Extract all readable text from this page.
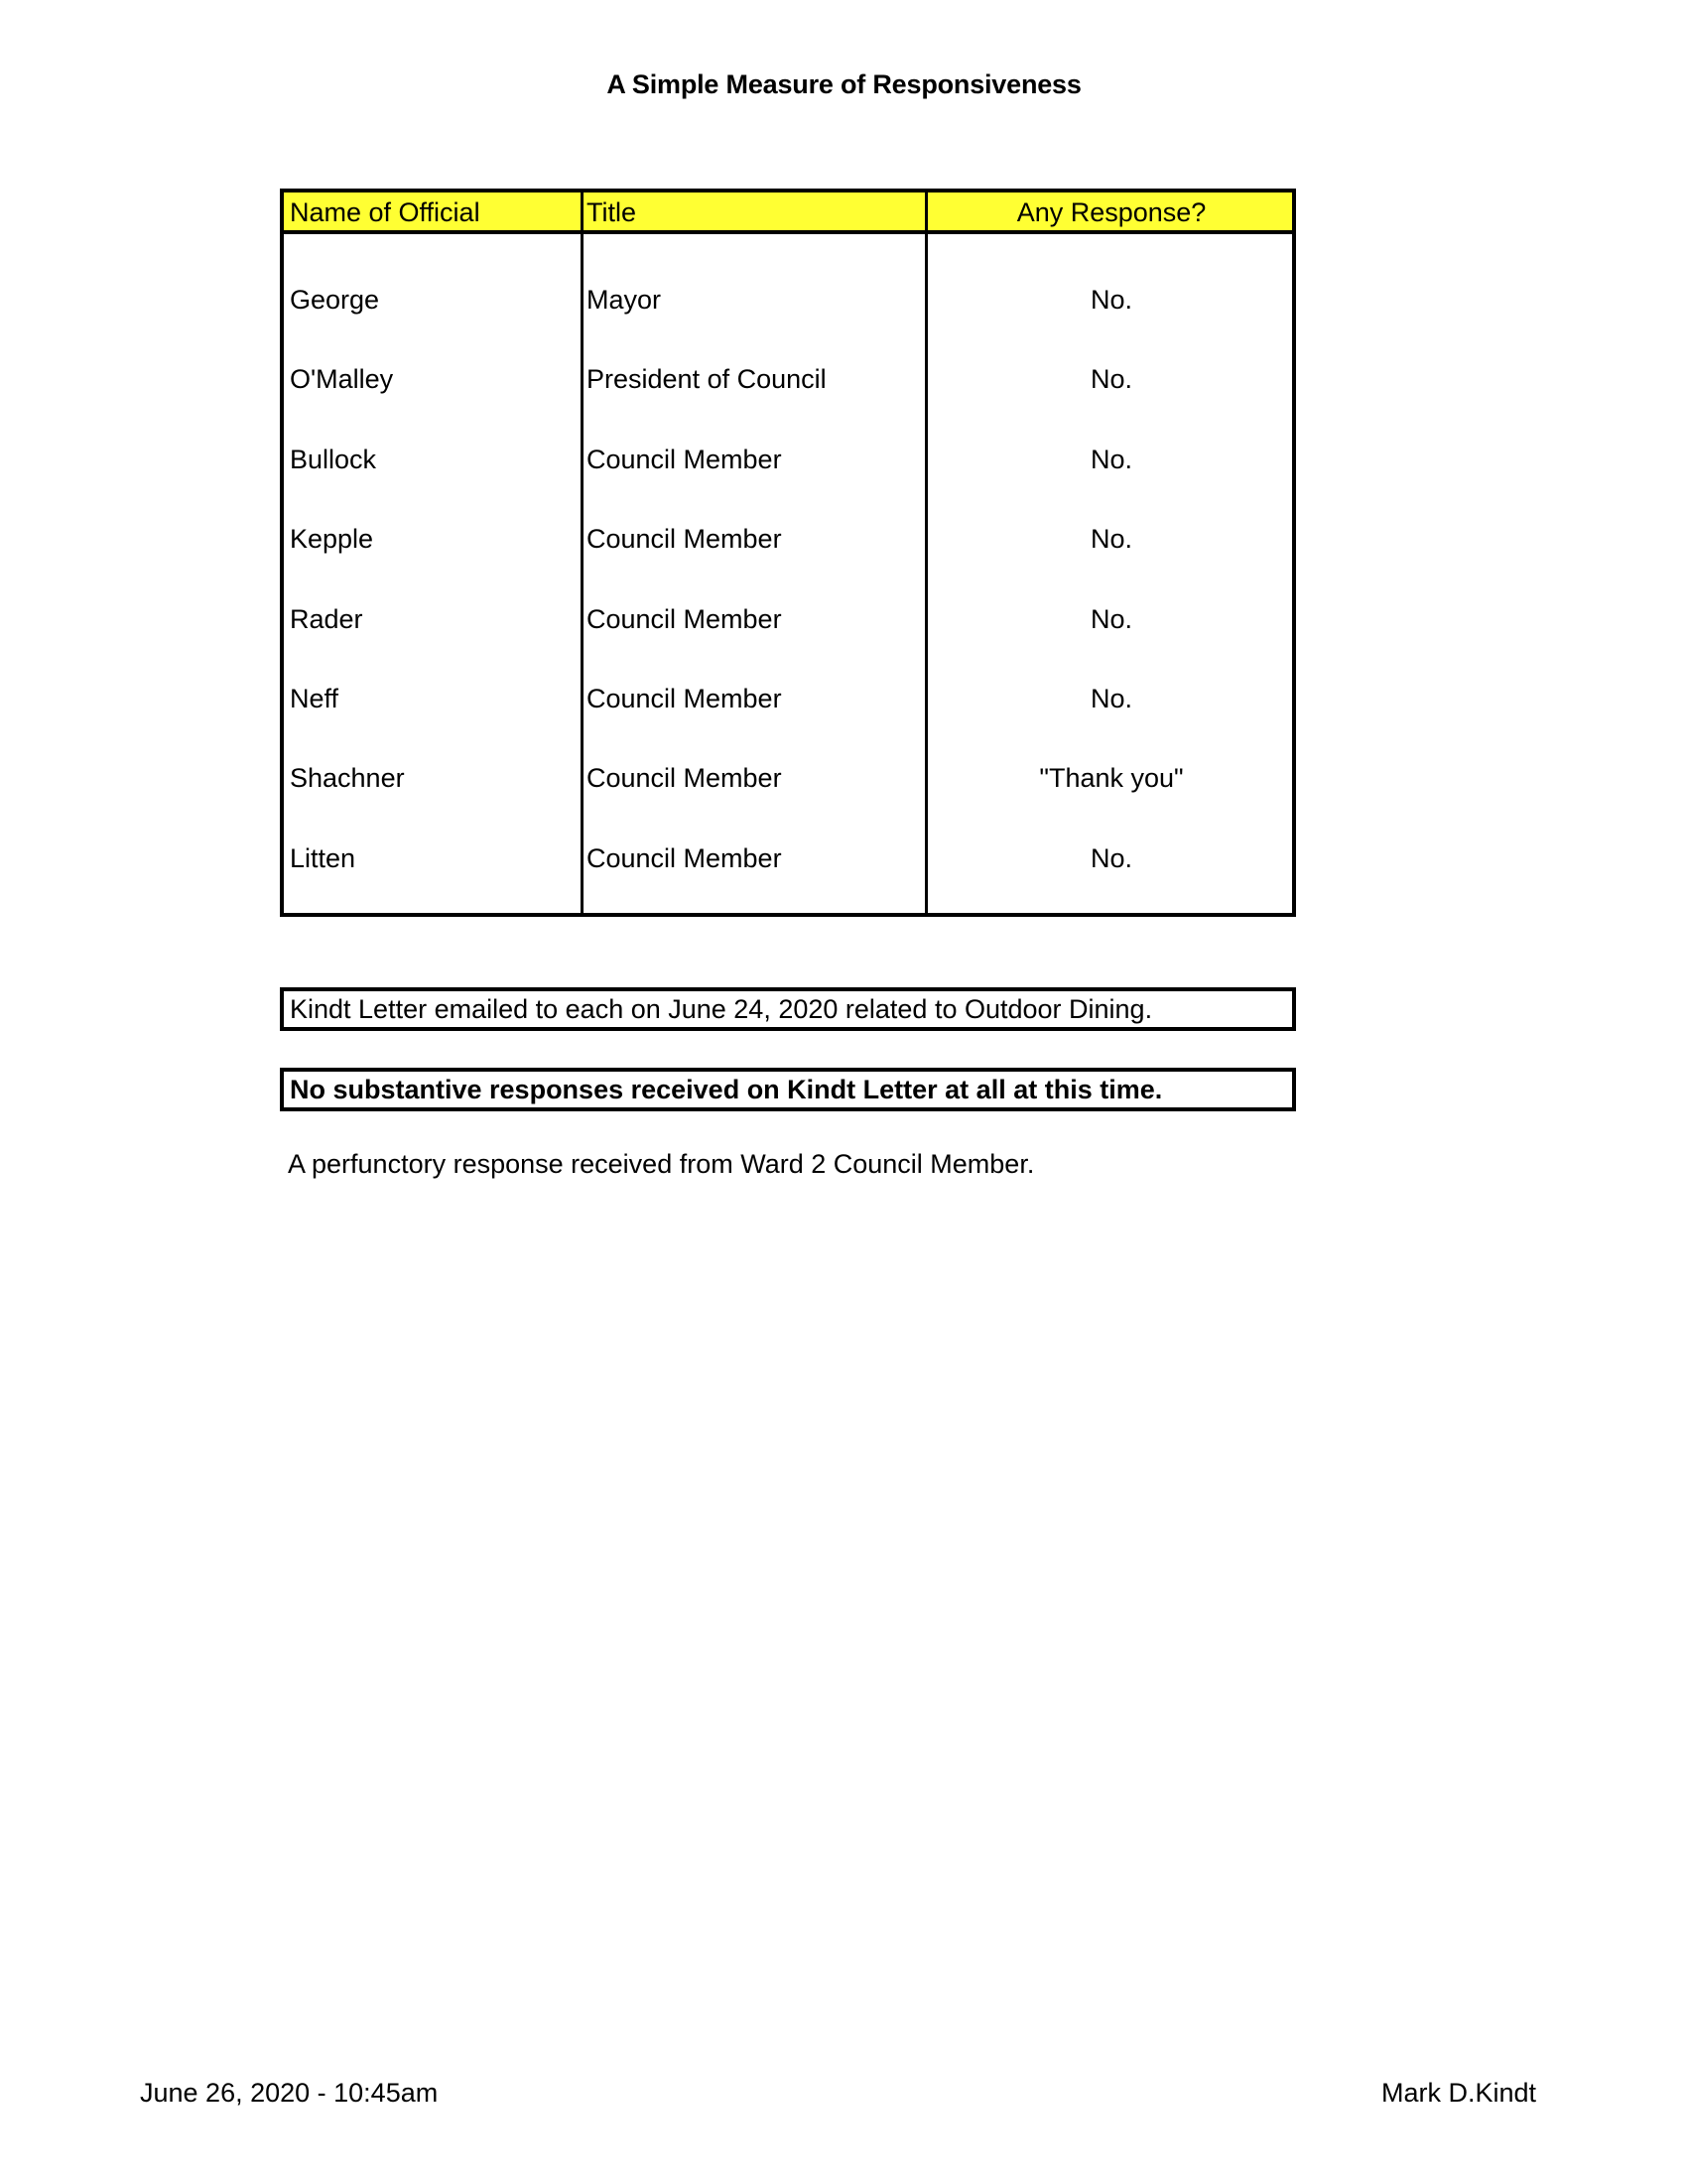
A Simple Measure of Responsiveness
Name of Official	Title	Any Response?
George	Mayor	No.
O'Malley	President of Council	No.
Bullock	Council Member	No.
Kepple	Council Member	No.
Rader	Council Member	No.
Neff	Council Member	No.
Shachner	Council Member	"Thank you"
Litten	Council Member	No.
Kindt Letter emailed to each on June 24, 2020 related to Outdoor Dining.
No substantive responses received on Kindt Letter at all at this time.
A perfunctory response received from Ward 2 Council Member.
June 26, 2020 - 10:45am	Mark D.Kindt
